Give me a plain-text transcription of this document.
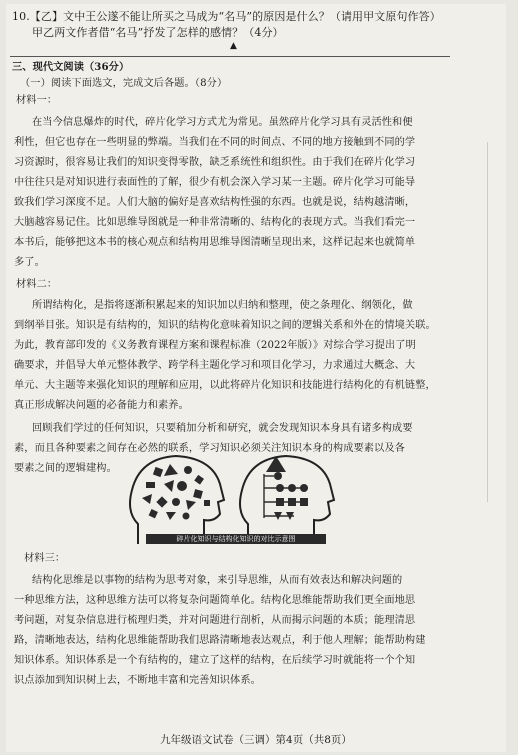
10.【乙】文中王公遂不能让所买之马成为“名马”的原因是什么？（请用甲文原句作答）
甲乙两文作者借“名马”抒发了怎样的感情？（4分）
▲
三、现代文阅读（36分）
（一）阅读下面选文，完成文后各题。（8分）
材料一：
在当今信息爆炸的时代，碎片化学习方式尤为常见。虽然碎片化学习具有灵活性和便
利性，但它也存在一些明显的弊端。当我们在不同的时间点、不同的地方接触到不同的学
习资源时，很容易让我们的知识变得零散，缺乏系统性和组织性。由于我们在碎片化学习
中往往只是对知识进行表面性的了解，很少有机会深入学习某一主题。碎片化学习可能导
致我们学习深度不足。人们大脑的偏好是喜欢结构性强的东西。也就是说，结构越清晰，
大脑越容易记住。比如思维导图就是一种非常清晰的、结构化的表现方式。当我们看完一
本书后，能够把这本书的核心观点和结构用思维导图清晰呈现出来，这样记起来也就简单
多了。
材料二：
所谓结构化，是指将逐渐积累起来的知识加以归纳和整理，使之条理化、纲领化，做
到纲举目张。知识是有结构的，知识的结构化意味着知识之间的逻辑关系和外在的情境关联。
为此，教育部印发的《义务教育课程方案和课程标准（2022年版）》对综合学习提出了明
确要求，并倡导大单元整体教学、跨学科主题化学习和项目化学习，力求通过大概念、大
单元、大主题等来强化知识的理解和应用，以此将碎片化知识和技能进行结构化的有机链整，
真正形成解决问题的必备能力和素养。
回顾我们学过的任何知识，只要稍加分析和研究，就会发现知识本身具有诸多构成要
素，而且各种要素之间存在必然的联系，学习知识必须关注知识本身的构成要素以及各
要素之间的逻辑建构。
碎片化知识与结构化知识的对比示意图
材料三：
结构化思维是以事物的结构为思考对象，来引导思维，从而有效表达和解决问题的
一种思维方法，这种思维方法可以将复杂问题简单化。结构化思维能帮助我们更全面地思
考问题，对复杂信息进行梳理归类，并对问题进行剖析，从而揭示问题的本质；能理清思
路，清晰地表达，结构化思维能帮助我们思路清晰地表达观点，利于他人理解；能帮助构建
知识体系。知识体系是一个有结构的，建立了这样的结构，在后续学习时就能将一个个知
识点添加到知识树上去，不断地丰富和完善知识体系。
九年级语文试卷（三调）第4页（共8页）
